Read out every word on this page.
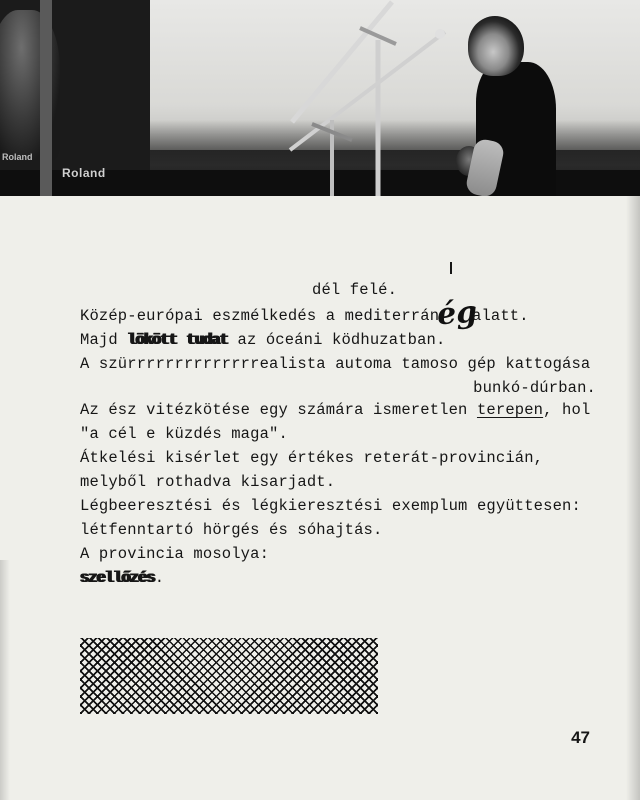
Roland
Roland
dél felé.
Közép-európai eszmélkedés a mediterrán
ég
alatt.
Majd lökött tudat az óceáni ködhuzatban.
A szürrrrrrrrrrrrrrealista automa tamoso gép kattogása
bunkó-dúrban.
Az ész vitézkötése egy számára ismeretlen terepen, hol
"a cél e küzdés maga".
Átkelési kisérlet egy értékes reterát-provincián,
melyből rothadva kisarjadt.
Légbeeresztési és légkieresztési exemplum együttesen:
létfenntartó hörgés és sóhajtás.
A provincia mosolya:
szellőzés.
47
